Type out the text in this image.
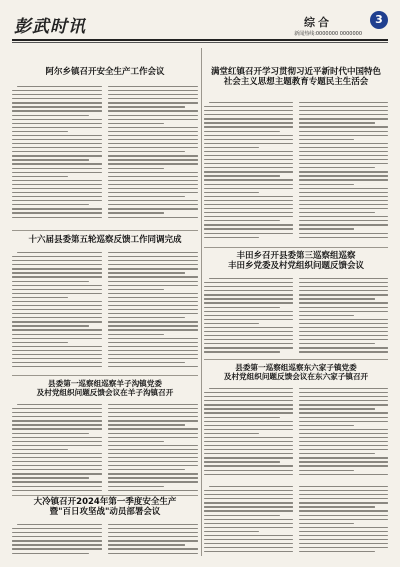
彭武时讯	综合	3
新闻热线:0000000 0000000
阿尔乡镇召开安全生产工作会议	满堂红镇召开学习贯彻习近平新时代中国特色
社会主义思想主题教育专题民主生活会
十六届县委第五轮巡察反馈工作同调完成
丰田乡召开县委第三巡察组巡察
丰田乡党委及村党组织问题反馈会议
县委第一巡察组巡察羊子沟镇党委
及村党组织问题反馈会议在羊子沟镇召开
县委第一巡察组巡察东六家子镇党委
及村党组织问题反馈会议在东六家子镇召开
大冷镇召开2024年第一季度安全生产
暨"百日攻坚战"动员部署会议
